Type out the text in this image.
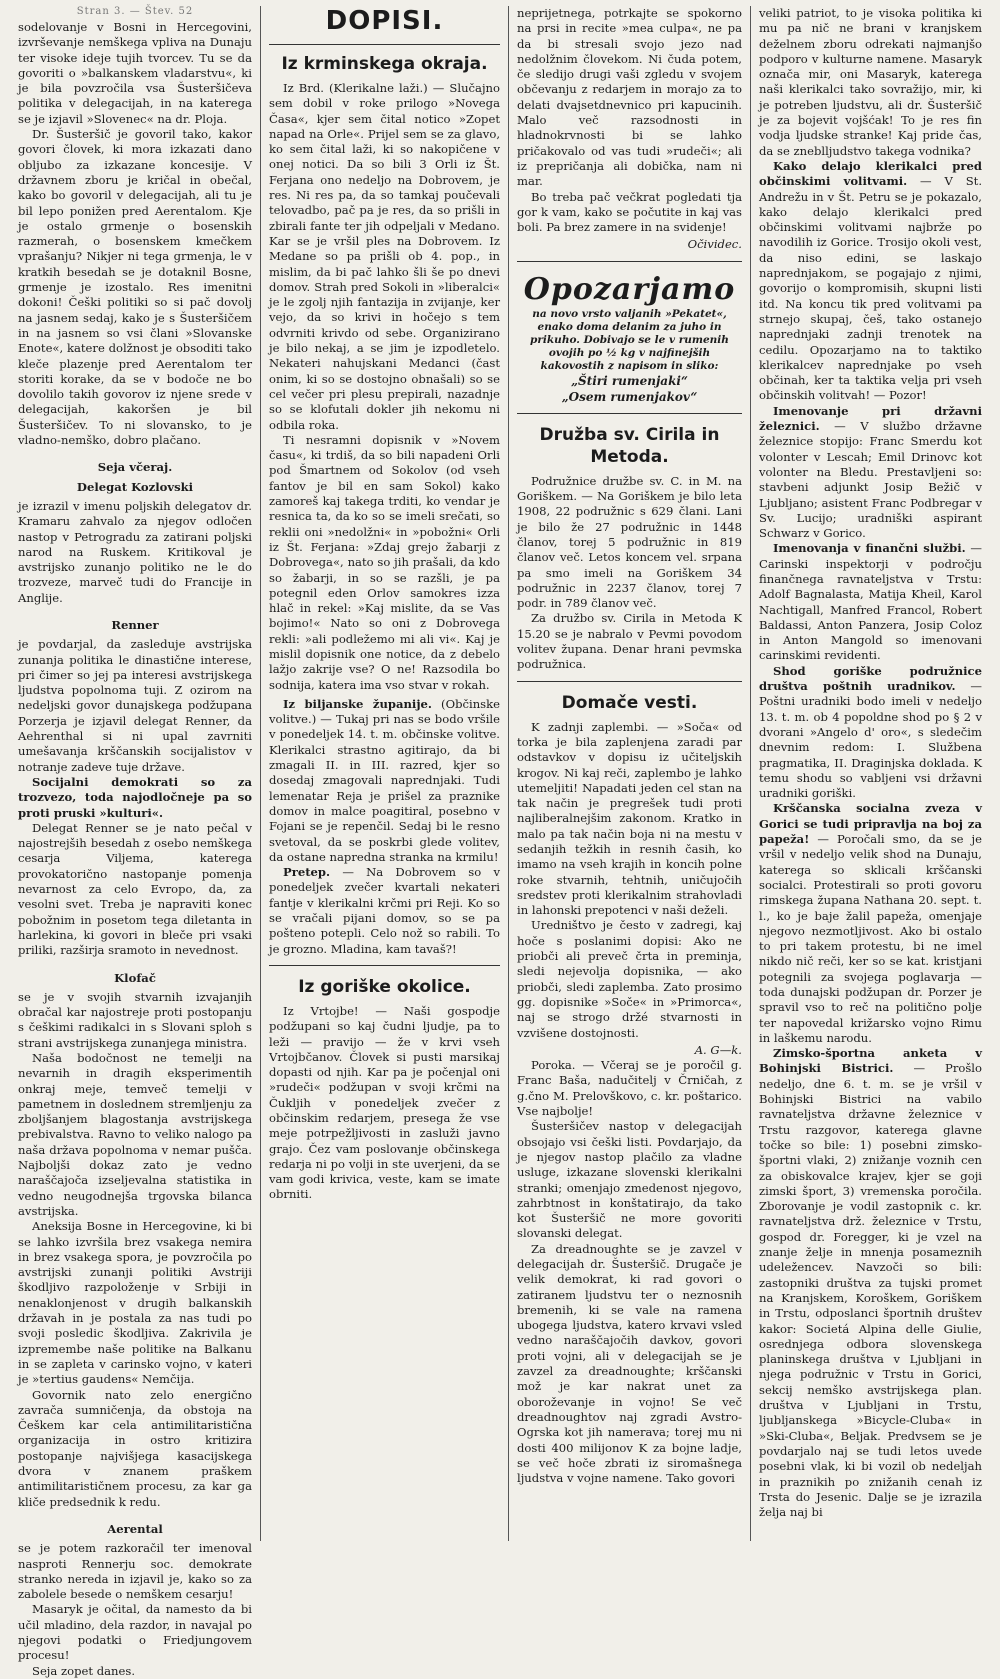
Stran 3. — Štev. 52

sodelovanje v Bosni in Hercegovini, izvrševanje nemškega vpliva na Dunaju ter visoke ideje tujih tvorcev. Tu se da govoriti o »balkanskem vladarstvu«, ki je bila povzročila vsa Šusteršičeva politika v delegacijah, in na katerega se je izjavil »Slovenec« na dr. Ploja.

Dr. Šusteršič je govoril tako, kakor govori človek, ki mora izkazati dano obljubo za izkazane koncesije. V državnem zboru je kričal in obečal, kako bo govoril v delegacijah, ali tu je bil lepo ponižen pred Aerentalom. Kje je ostalo grmenje o bosenskih razmerah, o bosenskem kmečkem vprašanju? Nikjer ni tega grmenja, le v kratkih besedah se je dotaknil Bosne, grmenje je izostalo. Res imenitni dokoni! Češki politiki so si pač dovolj na jasnem sedaj, kako je s Šusteršičem in na jasnem so vsi člani »Slovanske Enote«, katere dolžnost je obsoditi tako kleče plazenje pred Aerentalom ter storiti korake, da se v bodoče ne bo dovolilo takih govorov iz njene srede v delegacijah, kakoršen je bil Šusteršičev. To ni slovansko, to je vladno-nemško, dobro plačano.

Seja včeraj.
Delegat Kozlovski

je izrazil v imenu poljskih delegatov dr. Kramaru zahvalo za njegov odločen nastop v Petrogradu za zatirani poljski narod na Ruskem. Kritikoval je avstrijsko zunanjo politiko ne le do trozveze, marveč tudi do Francije in Anglije.

Renner

je povdarjal, da zasleduje avstrijska zunanja politika le dinastične interese, pri čimer so jej pa interesi avstrijskega ljudstva popolnoma tuji. Z ozirom na nedeljski govor dunajskega podžupana Porzerja je izjavil delegat Renner, da Aehrenthal si ni upal zavrniti umešavanja krščanskih socijalistov v notranje zadeve tuje države.

Socijalni demokrati so za trozvezo, toda najodločneje pa so proti pruski »kulturi«.

Delegat Renner se je nato pečal v najostrejših besedah z osebo nemškega cesarja Viljema, katerega provokatorično nastopanje pomenja nevarnost za celo Evropo, da, za vesolni svet. Treba je napraviti konec pobožnim in posetom tega diletanta in harlekina, ki govori in bleče pri vsaki priliki, razširja sramoto in nevednost.

Klofač

se je v svojih stvarnih izvajanjih obračal kar najostreje proti postopanju s češkimi radikalci in s Slovani sploh s strani avstrijskega zunanjega ministra.

Naša bodočnost ne temelji na nevarnih in dragih eksperimentih onkraj meje, temveč temelji v pametnem in doslednem stremljenju za zboljšanjem blagostanja avstrijskega prebivalstva. Ravno to veliko nalogo pa naša država popolnoma v nemar pušča. Najboljši dokaz zato je vedno naraščajoča izseljevalna statistika in vedno neugodnejša trgovska bilanca avstrijska.

Aneksija Bosne in Hercegovine, ki bi se lahko izvršila brez vsakega nemira in brez vsakega spora, je povzročila po avstrijski zunanji politiki Avstriji škodljivo razpoloženje v Srbiji in nenaklonjenost v drugih balkanskih državah in je postala za nas tudi po svoji posledic škodljiva. Zakrivila je izpremembe naše politike na Balkanu in se zapleta v carinsko vojno, v kateri je »tertius gaudens« Nemčija.

Govornik nato zelo energično zavrača sumničenja, da obstoja na Češkem kar cela antimilitaristična organizacija in ostro kritizira postopanje najvišjega kasacijskega dvora v znanem praškem antimilitarističnem procesu, za kar ga kliče predsednik k redu.

Aerental

se je potem razkoračil ter imenoval nasproti Rennerju soc. demokrate stranko nereda in izjavil je, kako so za zabolele besede o nemškem cesarju!

Masaryk je očital, da namesto da bi učil mladino, dela razdor, in navajal po njegovi podatki o Friedjungovem procesu!

Seja zopet danes.

DOPISI.
Iz krminskega okraja.

Iz Brd. (Klerikalne laži.) — Slučajno sem dobil v roke prilogo »Novega Časa«, kjer sem čital notico »Zopet napad na Orle«. Prijel sem se za glavo, ko sem čital laži, ki so nakopičene v onej notici. Da so bili 3 Orli iz Št. Ferjana ono nedeljo na Dobrovem, je res. Ni res pa, da so tamkaj poučevali telovadbo, pač pa je res, da so prišli in zbirali fante ter jih odpeljali v Medano. Kar se je vršil ples na Dobrovem. Iz Medane so pa prišli ob 4. pop., in mislim, da bi pač lahko šli še po dnevi domov. Strah pred Sokoli in »liberalci« je le zgolj njih fantazija in zvijanje, ker vejo, da so krivi in hočejo s tem odvrniti krivdo od sebe. Organizirano je bilo nekaj, a se jim je izpodletelo. Nekateri nahujskani Medanci (čast onim, ki so se dostojno obnašali) so se cel večer pri plesu prepirali, nazadnje so se klofutali dokler jih nekomu ni odbila roka.

Ti nesramni dopisnik v »Novem času«, ki trdiš, da so bili napadeni Orli pod Šmartnem od Sokolov (od vseh fantov je bil en sam Sokol) kako zamoreš kaj takega trditi, ko vendar je resnica ta, da ko so se imeli srečati, so reklii oni »nedolžni« in »pobožni« Orli iz Št. Ferjana: »Zdaj grejo žabarji z Dobrovega«, nato so jih prašali, da kdo so žabarji, in so se razšli, je pa potegnil eden Orlov samokres izza hlač in rekel: »Kaj mislite, da se Vas bojimo!« Nato so oni z Dobrovega rekli: »ali podležemo mi ali vi«. Kaj je mislil dopisnik one notice, da z debelo lažjo zakrije vse? O ne! Razsodila bo sodnija, katera ima vso stvar v rokah.

Iz biljanske županije. (Občinske volitve.) — Tukaj pri nas se bodo vršile v ponedeljek 14. t. m. občinske volitve. Klerikalci strastno agitirajo, da bi zmagali II. in III. razred, kjer so dosedaj zmagovali naprednjaki. Tudi lemenatar Reja je prišel za praznike domov in malce poagitiral, posebno v Fojani se je repenčil. Sedaj bi le resno svetoval, da se poskrbi glede volitev, da ostane napredna stranka na krmilu!

Pretep. — Na Dobrovem so v ponedeljek zvečer kvartali nekateri fantje v klerikalni krčmi pri Reji. Ko so se vračali pijani domov, so se pa pošteno potepli. Celo nož so rabili. To je grozno. Mladina, kam tavaš?!

Iz goriške okolice.

Iz Vrtojbe! — Naši gospodje podžupani so kaj čudni ljudje, pa to leži — pravijo — že v krvi vseh Vrtojbčanov. Človek si pusti marsikaj dopasti od njih. Kar pa je počenjal oni »rudeči« podžupan v svoji krčmi na Čukljih v ponedeljek zvečer z občinskim redarjem, presega že vse meje potrpežljivosti in zasluži javno grajo. Čez vam poslovanje občinskega redarja ni po volji in ste uverjeni, da se vam godi krivica, veste, kam se imate obrniti.

neprijetnega, potrkajte se spokorno na prsi in recite »mea culpa«, ne pa da bi stresali svojo jezo nad nedolžnim človekom. Ni čuda potem, če sledijo drugi vaši zgledu v svojem občevanju z redarjem in morajo za to delati dvajsetdnevnico pri kapucinih. Malo več razsodnosti in hladnokrvnosti bi se lahko pričakovalo od vas tudi »rudeči«; ali iz prepričanja ali dobička, nam ni mar.

Bo treba pač večkrat pogledati tja gor k vam, kako se počutite in kaj vas boli. Pa brez zamere in na svidenje!

Očividec.
Opozarjamo

na novo vrsto valjanih »Pekatet«, enako doma delanim za juho in prikuho. Dobivajo se le v rumenih ovojih po ½ kg v najfinejših kakovostih z napisom in sliko:

„Štiri rumenjaki“
„Osem rumenjakov“
Družba sv. Cirila in Metoda.

Podružnice družbe sv. C. in M. na Goriškem. — Na Goriškem je bilo leta 1908, 22 podružnic s 629 člani. Lani je bilo že 27 podružnic in 1448 članov, torej 5 podružnic in 819 članov več. Letos koncem vel. srpana pa smo imeli na Goriškem 34 podružnic in 2237 članov, torej 7 podr. in 789 članov več.

Za družbo sv. Cirila in Metoda K 15.20 se je nabralo v Pevmi povodom volitev župana. Denar hrani pevmska podružnica.

Domače vesti.

K zadnji zaplembi. — »Soča« od torka je bila zaplenjena zaradi par odstavkov v dopisu iz učiteljskih krogov. Ni kaj reči, zaplembo je lahko utemeljiti! Napadati jeden cel stan na tak način je pregrešek tudi proti najliberalnejšim zakonom. Kratko in malo pa tak način boja ni na mestu v sedanjih težkih in resnih časih, ko imamo na vseh krajih in koncih polne roke stvarnih, tehtnih, uničujočih sredstev proti klerikalnim strahovladi in lahonski prepotenci v naši deželi.

Uredništvo je često v zadregi, kaj hoče s poslanimi dopisi: Ako ne priobči ali preveč črta in preminja, sledi nejevolja dopisnika, — ako priobči, sledi zaplemba. Zato prosimo gg. dopisnike »Soče« in »Primorca«, naj se strogo držé stvarnosti in vzvišene dostojnosti.

A. G—k.

Poroka. — Včeraj se je poročil g. Franc Baša, nadučitelj v Črničah, z g.čno M. Prelovškovo, c. kr. poštarico. Vse najbolje!

Šusteršičev nastop v delegacijah obsojajo vsi češki listi. Povdarjajo, da je njegov nastop plačilo za vladne usluge, izkazane slovenski klerikalni stranki; omenjajo zmedenost njegovo, zahrbtnost in konštatirajo, da tako kot Šusteršič ne more govoriti slovanski delegat.

Za dreadnoughte se je zavzel v delegacijah dr. Šusteršič. Drugače je velik demokrat, ki rad govori o zatiranem ljudstvu ter o neznosnih bremenih, ki se vale na ramena ubogega ljudstva, katero krvavi vsled vedno naraščajočih davkov, govori proti vojni, ali v delegacijah se je zavzel za dreadnoughte; krščanski mož je kar nakrat unet za oboroževanje in vojno! Se več dreadnoughtov naj zgradi Avstro-Ogrska kot jih namerava; torej mu ni dosti 400 milijonov K za bojne ladje, se več hoče zbrati iz siromašnega ljudstva v vojne namene. Tako govori

veliki patriot, to je visoka politika ki mu pa nič ne brani v kranjskem deželnem zboru odrekati najmanjšo podporo v kulturne namene. Masaryk označa mir, oni Masaryk, katerega naši klerikalci tako sovražijo, mir, ki je potreben ljudstvu, ali dr. Šusteršič je za bojevit vojšćak! To je res fin vodja ljudske stranke! Kaj pride čas, da se zneblljudstvo takega vodnika?

Kako delajo klerikalci pred občinskimi volitvami. — V St. Andrežu in v Št. Petru se je pokazalo, kako delajo klerikalci pred občinskimi volitvami najbrže po navodilih iz Gorice. Trosijo okoli vest, da niso edini, se laskajo naprednjakom, se pogajajo z njimi, govorijo o kompromisih, skupni listi itd. Na koncu tik pred volitvami pa strnejo skupaj, češ, tako ostanejo naprednjaki zadnji trenotek na cedilu. Opozarjamo na to taktiko klerikalcev naprednjake po vseh občinah, ker ta taktika velja pri vseh občinskih volitvah! — Pozor!

Imenovanje pri državni železnici. — V službo državne železnice stopijo: Franc Smerdu kot volonter v Lescah; Emil Drinovc kot volonter na Bledu. Prestavljeni so: stavbeni adjunkt Josip Bežič v Ljubljano; asistent Franc Podbregar v Sv. Lucijo; uradniški aspirant Schwarz v Gorico.

Imenovanja v finančni službi. — Carinski inspektorji v področju finančnega ravnateljstva v Trstu: Adolf Bagnalasta, Matija Kheil, Karol Nachtigall, Manfred Francol, Robert Baldassi, Anton Panzera, Josip Coloz in Anton Mangold so imenovani carinskimi revidenti.

Shod goriške podružnice društva poštnih uradnikov. — Poštni uradniki bodo imeli v nedeljo 13. t. m. ob 4 popoldne shod po § 2 v dvorani »Angelo d' oro«, s sledečim dnevnim redom: I. Službena pragmatika, II. Draginjska doklada. K temu shodu so vabljeni vsi državni uradniki goriški.

Krščanska socialna zveza v Gorici se tudi pripravlja na boj za papeža! — Poročali smo, da se je vršil v nedeljo velik shod na Dunaju, katerega so sklicali krščanski socialci. Protestirali so proti govoru rimskega župana Nathana 20. sept. t. l., ko je baje žalil papeža, omenjaje njegovo nezmotljivost. Ako bi ostalo to pri takem protestu, bi ne imel nikdo nič reči, ker so se kat. kristjani potegnili za svojega poglavarja — toda dunajski podžupan dr. Porzer je spravil vso to reč na politično polje ter napovedal križarsko vojno Rimu in laškemu narodu.

Zimsko-športna anketa v Bohinjski Bistrici. — Prošlo nedeljo, dne 6. t. m. se je vršil v Bohinjski Bistrici na vabilo ravnateljstva državne železnice v Trstu razgovor, katerega glavne točke so bile: 1) posebni zimsko-športni vlaki, 2) znižanje voznih cen za obiskovalce krajev, kjer se goji zimski šport, 3) vremenska poročila. Zborovanje je vodil zastopnik c. kr. ravnateljstva drž. železnice v Trstu, gospod dr. Foregger, ki je vzel na znanje želje in mnenja posameznih udeležencev. Navzoči so bili: zastopniki društva za tujski promet na Kranjskem, Koroškem, Goriškem in Trstu, odposlanci športnih društev kakor: Societá Alpina delle Giulie, osrednjega odbora slovenskega planinskega društva v Ljubljani in njega podružnic v Trstu in Gorici, sekcij nemško avstrijskega plan. društva v Ljubljani in Trstu, ljubljanskega »Bicycle-Cluba« in »Ski-Cluba«, Beljak. Predvsem se je povdarjalo naj se tudi letos uvede posebni vlak, ki bi vozil ob nedeljah in praznikih po znižanih cenah iz Trsta do Jesenic. Dalje se je izrazila želja naj bi
